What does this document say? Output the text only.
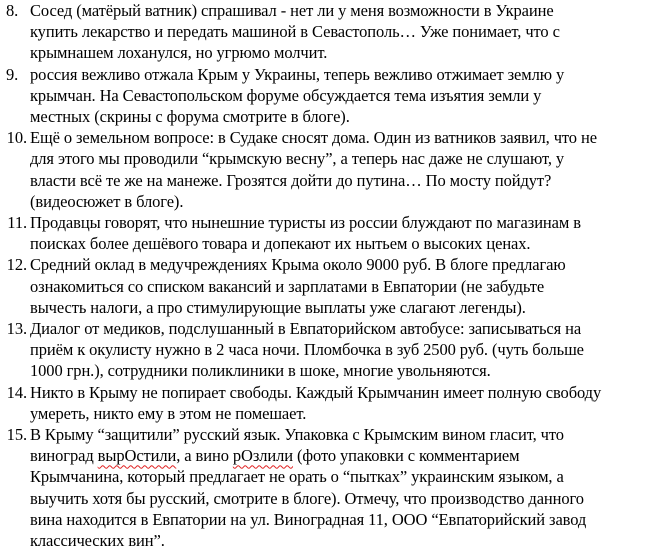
8. Сосед (матёрый ватник) спрашивал - нет ли у меня возможности в Украине
купить лекарство и передать машиной в Севастополь… Уже понимает, что с
крымнашем лоханулся, но угрюмо молчит.
9. россия вежливо отжала Крым у Украины, теперь вежливо отжимает землю у
крымчан. На Севастопольском форуме обсуждается тема изъятия земли у
местных (скрины с форума смотрите в блоге).
10. Ещё о земельном вопросе: в Судаке сносят дома. Один из ватников заявил, что не
для этого мы проводили “крымскую весну”, а теперь нас даже не слушают, у
власти всё те же на манеже. Грозятся дойти до путина… По мосту пойдут?
(видеосюжет в блоге).
11. Продавцы говорят, что нынешние туристы из россии блуждают по магазинам в
поисках более дешёвого товара и допекают их нытьем о высоких ценах.
12. Средний оклад в медучреждениях Крыма около 9000 руб. В блоге предлагаю
ознакомиться со списком вакансий и зарплатами в Евпатории (не забудьте
вычесть налоги, а про стимулирующие выплаты уже слагают легенды).
13. Диалог от медиков, подслушанный в Евпаторийском автобусе: записываться на
приём к окулисту нужно в 2 часа ночи. Пломбочка в зуб 2500 руб. (чуть больше
1000 грн.), сотрудники поликлиники в шоке, многие увольняются.
14. Никто в Крыму не попирает свободы. Каждый Крымчанин имеет полную свободу
умереть, никто ему в этом не помешает.
15. В Крыму “защитили” русский язык. Упаковка с Крымским вином гласит, что
виноград вырОстили, а вино рОзлили (фото упаковки с комментарием
Крымчанина, который предлагает не орать о “пытках” украинским языком, а
выучить хотя бы русский, смотрите в блоге). Отмечу, что производство данного
вина находится в Евпатории на ул. Виноградная 11, ООО “Евпаторийский завод
классических вин”.
